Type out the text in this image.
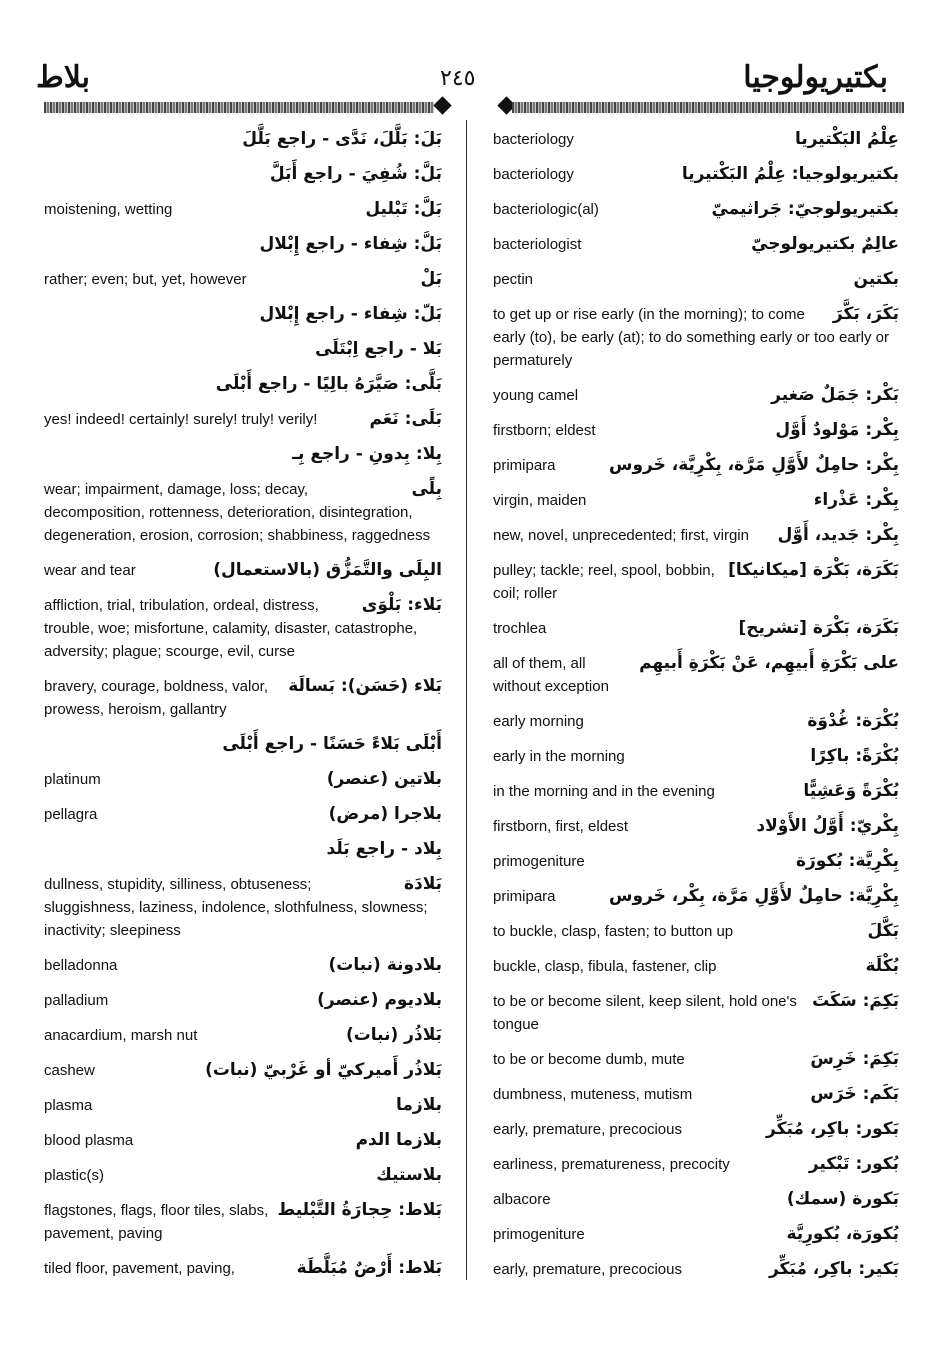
بلاط	٢٤٥	بكتيريولوجيا
بَلَ: بَلَّلَ، نَدَّى - راجع بَلَّلَ
بَلَّ: شُفِيَ - راجع أَبَلَّ
بَلَّ: تَبْليل
moistening, wetting
بَلَّ: شِفاء - راجع إِبْلال
بَلْ
rather; even; but, yet, however
بَلّ: شِفاء - راجع إِبْلال
بَلا - راجع اِبْتَلَى
بَلَّى: صَيَّرَهُ بالِيًا - راجع أَبْلَى
بَلَى: نَعَم
yes! indeed! certainly! surely! truly! verily!
بِلا: بِدونِ - راجع بِـ
بِلًى
wear; impairment, damage, loss; decay, decomposition, rottenness, deterioration, disintegration, degeneration, erosion, corrosion; shabbiness, raggedness
البِلَى والتَّمَزُّق (بالاستعمال)
wear and tear
بَلاء: بَلْوَى
affliction, trial, tribulation, ordeal, distress, trouble, woe; misfortune, calamity, disaster, catastrophe, adversity; plague; scourge, evil, curse
بَلاء (حَسَن): بَسالَة
bravery, courage, boldness, valor, prowess, heroism, gallantry
أَبْلَى بَلاءً حَسَنًا - راجع أَبْلَى
بلاتين (عنصر)
platinum
بلاجرا (مرض)
pellagra
بِلاد - راجع بَلَد
بَلادَة
dullness, stupidity, silliness, obtuseness; sluggishness, laziness, indolence, slothfulness, slowness; inactivity; sleepiness
بلادونة (نبات)
belladonna
بلاديوم (عنصر)
palladium
بَلاذُر (نبات)
anacardium, marsh nut
بَلاذُر أَميركيّ أو غَرْبيّ (نبات)
cashew
بلازما
plasma
بلازما الدم
blood plasma
بلاستيك
plastic(s)
بَلاط: حِجارَةُ التَّبْليط
flagstones, flags, floor tiles, slabs, pavement, paving
بَلاط: أَرْضٌ مُبَلَّطَة
tiled floor, pavement, paving,
عِلْمُ البَكْتيريا
bacteriology
بكتيريولوجيا: عِلْمُ البَكْتيريا
bacteriology
بكتيريولوجيّ: جَراثيميّ
bacteriologic(al)
عالِمٌ بكتيريولوجيّ
bacteriologist
بكتين
pectin
بَكَرَ، بَكَّرَ
to get up or rise early (in the morning); to come early (to), be early (at); to do something early or too early or permaturely
بَكْر: جَمَلٌ صَغير
young camel
بِكْر: مَوْلودٌ أَوَّل
firstborn; eldest
بِكْر: حامِلٌ لأَوَّلِ مَرَّة، بِكْرِيَّة، خَروس
primipara
بِكْر: عَذْراء
virgin, maiden
بِكْر: جَديد، أَوَّل
new, novel, unprecedented; first, virgin
بَكَرَة، بَكْرَة [ميكانيكا]
pulley; tackle; reel, spool, bobbin, coil; roller
بَكَرَة، بَكْرَة [تشريح]
trochlea
على بَكْرَةِ أَبيهِم، عَنْ بَكْرَةِ أَبيهِم
all of them, all without exception
بُكْرَة: غُدْوَة
early morning
بُكْرَةً: باكِرًا
early in the morning
بُكْرَةً وَعَشِيًّا
in the morning and in the evening
بِكْريّ: أَوَّلُ الأَوْلاد
firstborn, first, eldest
بِكْرِيَّة: بُكورَة
primogeniture
بِكْرِيَّة: حامِلٌ لأَوَّلِ مَرَّة، بِكْر، خَروس
primipara
بَكَّلَ
to buckle, clasp, fasten; to button up
بُكْلَة
buckle, clasp, fibula, fastener, clip
بَكِمَ: سَكَتَ
to be or become silent, keep silent, hold one's tongue
بَكِمَ: خَرِسَ
to be or become dumb, mute
بَكَم: خَرَس
dumbness, muteness, mutism
بَكور: باكِر، مُبَكِّر
early, premature, precocious
بُكور: تَبْكير
earliness, prematureness, precocity
بَكورة (سمك)
albacore
بُكورَة، بُكورِيَّة
primogeniture
بَكير: باكِر، مُبَكِّر
early, premature, precocious
